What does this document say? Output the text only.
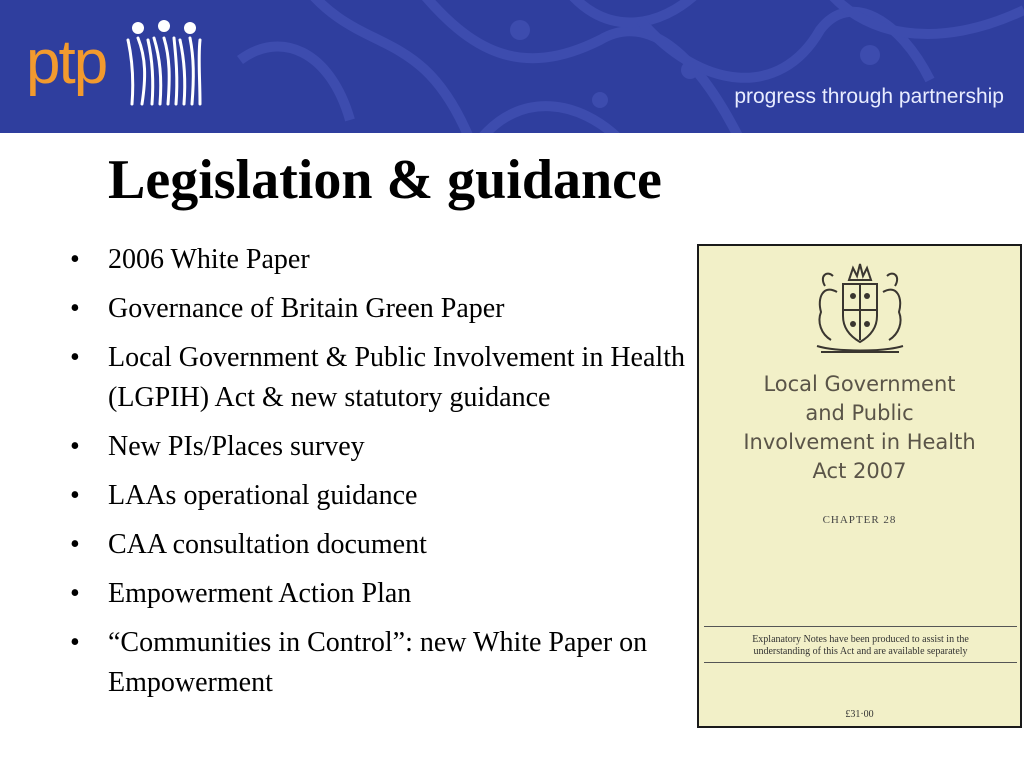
ptp	progress through partnership
Legislation & guidance
• 2006 White Paper
• Governance of Britain Green Paper
• Local Government & Public Involvement in Health (LGPIH) Act & new statutory guidance
• New PIs/Places survey
• LAAs operational guidance
• CAA consultation document
• Empowerment Action Plan
• “Communities in Control”: new White Paper on Empowerment
Local Government
and Public
Involvement in Health
Act 2007
CHAPTER 28
Explanatory Notes have been produced to assist in the
understanding of this Act and are available separately
£31·00
